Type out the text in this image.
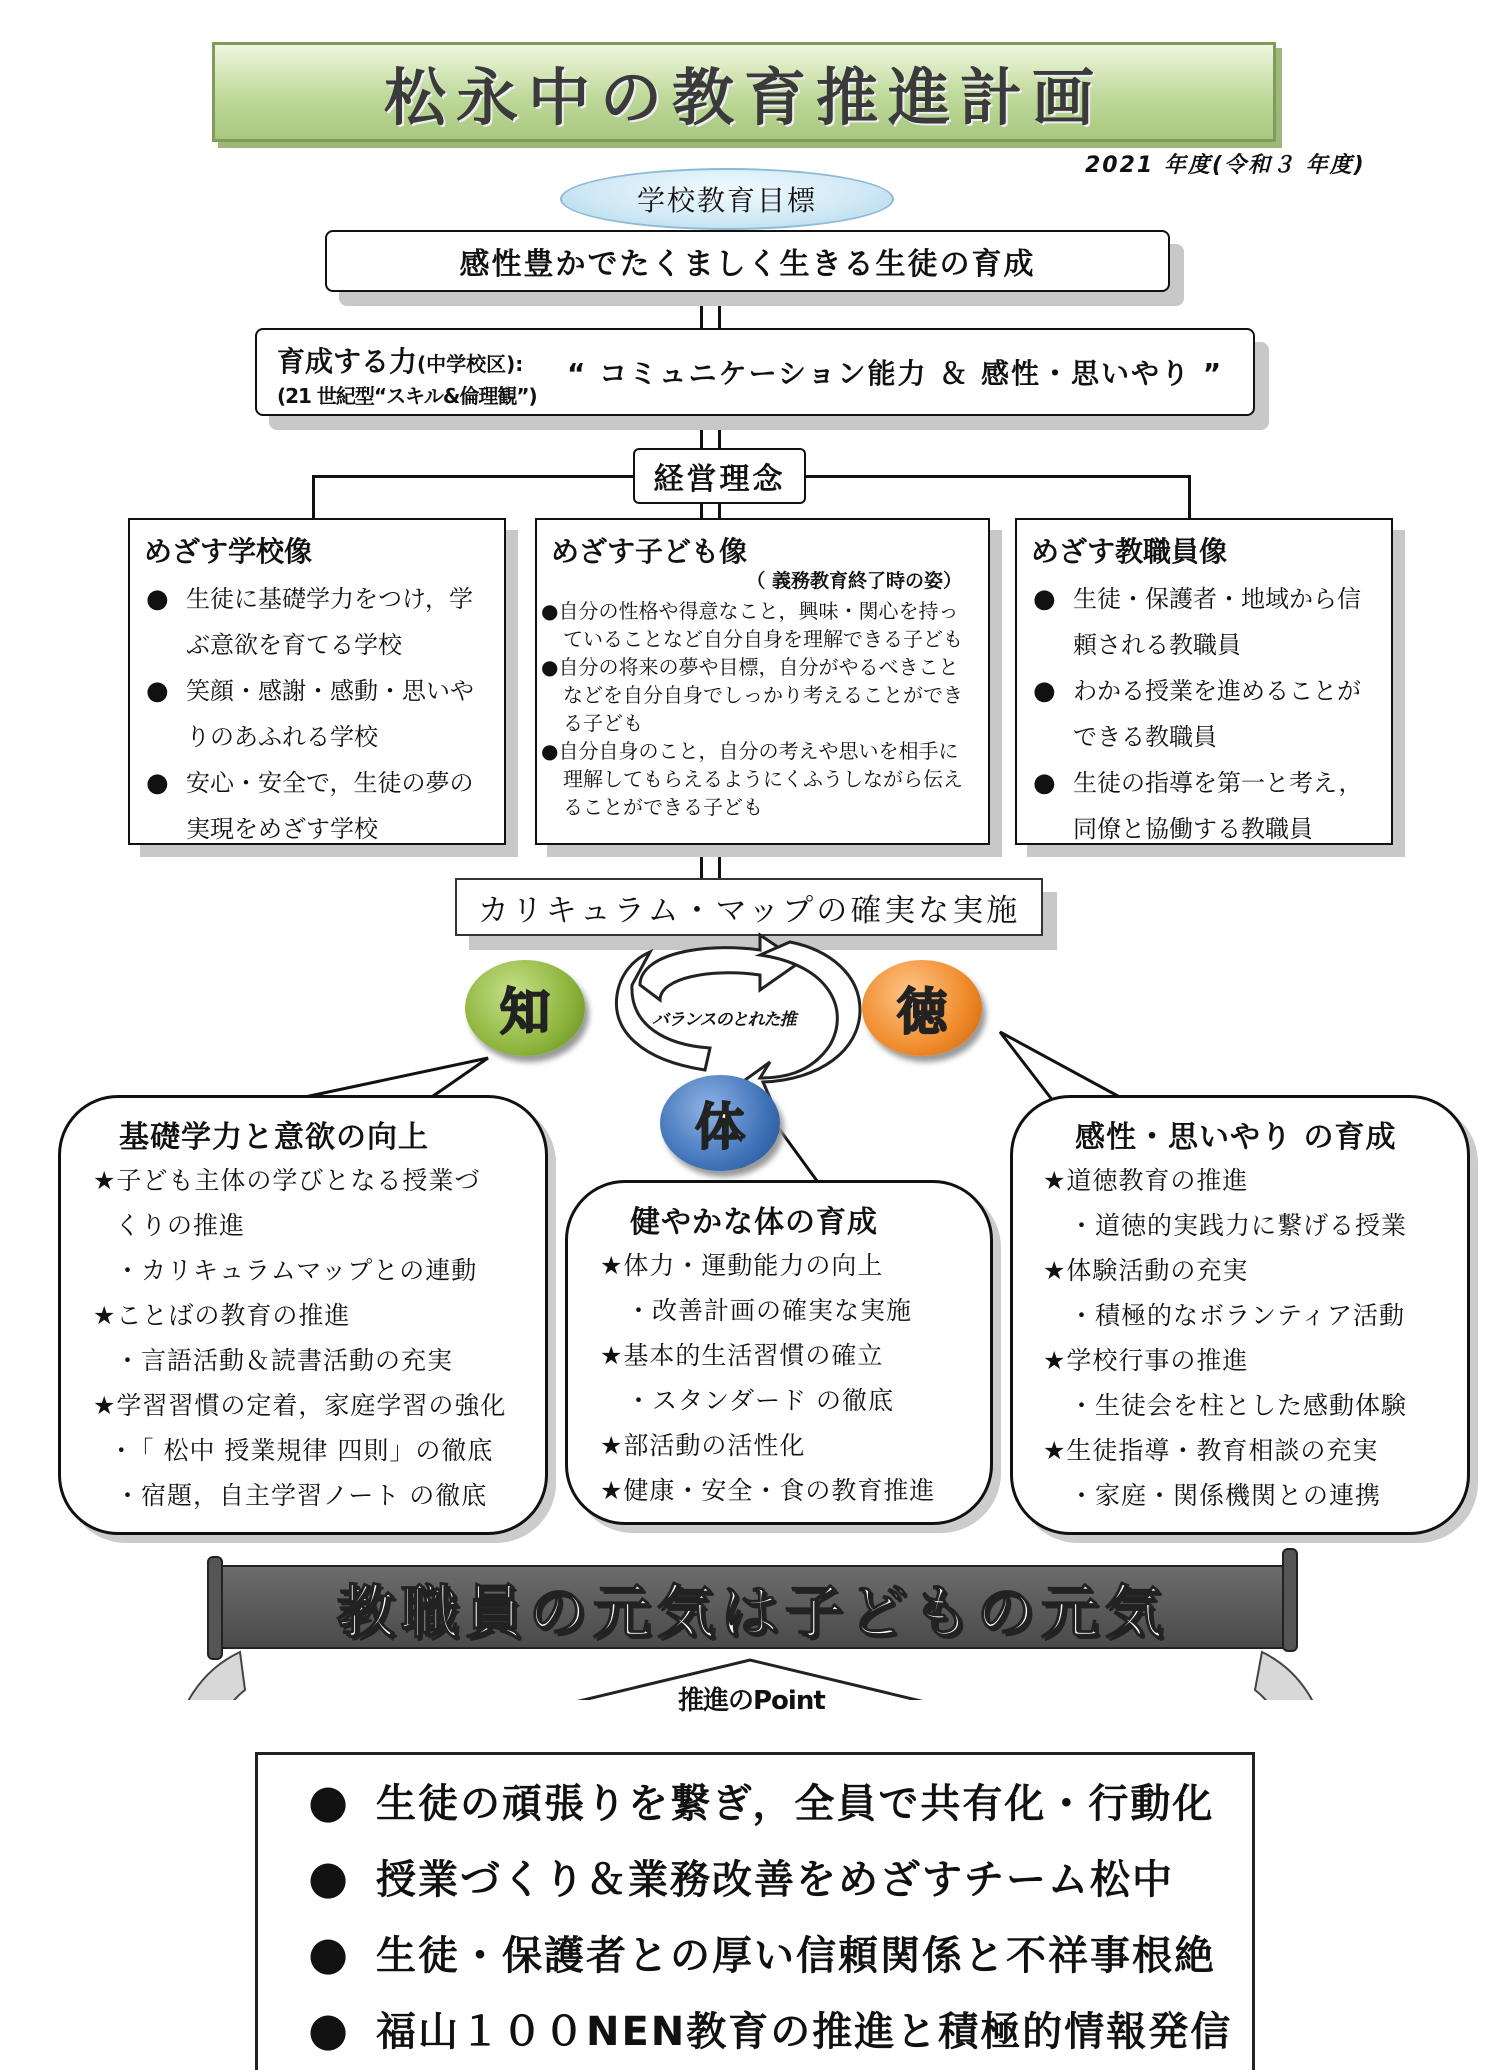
松永中の教育推進計画
2021 年度(令和３ 年度)
学校教育目標
感性豊かでたくましく生きる生徒の育成
育成する力(中学校区):
(21 世紀型“スキル&倫理観”)
“ コミュニケーション能力 ＆ 感性・思いやり ”
経営理念
めざす学校像
● 生徒に基礎学力をつけ，学ぶ意欲を育てる学校
● 笑顔・感謝・感動・思いやりのあふれる学校
● 安心・安全で，生徒の夢の実現をめざす学校
めざす子ども像
（ 義務教育終了時の姿）
●自分の性格や得意なこと，興味・関心を持っていることなど自分自身を理解できる子ども
●自分の将来の夢や目標，自分がやるべきことなどを自分自身でしっかり考えることができる子ども
●自分自身のこと，自分の考えや思いを相手に理解してもらえるようにくふうしながら伝えることができる子ども
めざす教職員像
● 生徒・保護者・地域から信頼される教職員
● わかる授業を進めることができる教職員
● 生徒の指導を第一と考え，同僚と協働する教職員
カリキュラム・マップの確実な実施
バランスのとれた推
知	徳
体
基礎学力と意欲の向上
★子ども主体の学びとなる授業づ
くりの推進
・カリキュラムマップとの連動
★ことばの教育の推進
・言語活動＆読書活動の充実
★学習習慣の定着，家庭学習の強化
･「 松中 授業規律 四則」の徹底
・宿題，自主学習ノート の徹底
健やかな体の育成
★体力・運動能力の向上
・改善計画の確実な実施
★基本的生活習慣の確立
・スタンダード の徹底
★部活動の活性化
★健康・安全・食の教育推進
感性・思いやり の育成
★道徳教育の推進
・道徳的実践力に繋げる授業
★体験活動の充実
・積極的なボランティア活動
★学校行事の推進
・生徒会を柱とした感動体験
★生徒指導・教育相談の充実
・家庭・関係機関との連携
教職員の元気は子どもの元気
推進のPoint
● 生徒の頑張りを繋ぎ，全員で共有化・行動化
● 授業づくり＆業務改善をめざすチーム松中
● 生徒・保護者との厚い信頼関係と不祥事根絶
● 福山１００NEN教育の推進と積極的情報発信
